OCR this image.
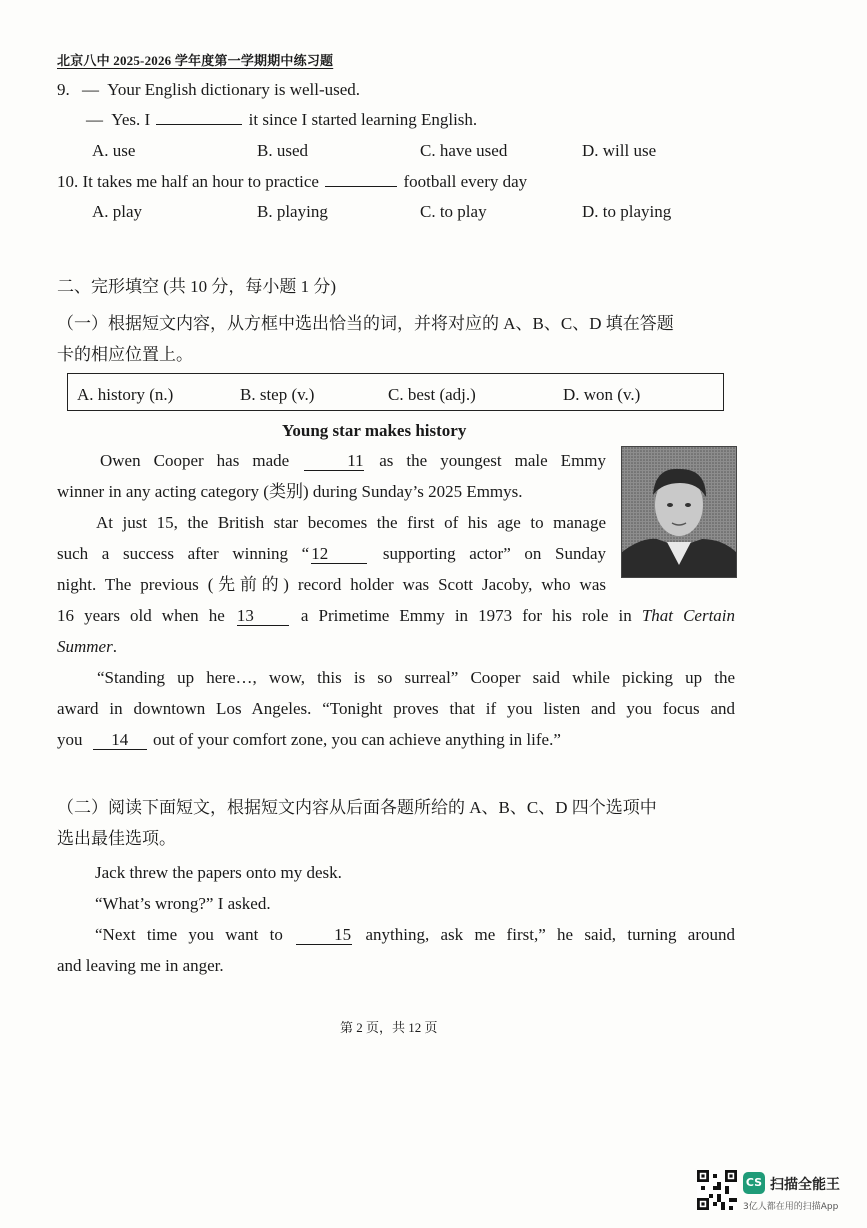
北京八中 2025-2026 学年度第一学期期中练习题
9. — Your English dictionary is well-used.
— Yes. I	it since I started learning English.
A. use	B. used	C. have used	D. will use
10. It takes me half an hour to practice	football every day
A. play	B. playing	C. to play	D. to playing
二、完形填空 (共 10 分，每小题 1 分)
（一）根据短文内容，从方框中选出恰当的词，并将对应的 A、B、C、D 填在答题
卡的相应位置上。
A. history (n.)	B. step (v.)	C. best (adj.)	D. won (v.)
Young star makes history
Owen Cooper has made	11 as the youngest male Emmy
winner in any acting category (类别) during Sunday’s 2025 Emmys.
At just 15, the British star becomes the first of his age to manage
such a success after winning “ 12	supporting actor” on Sunday
night. The previous (先前的) record holder was Scott Jacoby, who was
16 years old when he 13	a Primetime Emmy in 1973 for his role in That Certain
Summer.
“Standing up here…, wow, this is so surreal” Cooper said while picking up the
award in downtown Los Angeles. “Tonight proves that if you listen and you focus and
you 14 out of your comfort zone, you can achieve anything in life.”
（二）阅读下面短文，根据短文内容从后面各题所给的 A、B、C、D 四个选项中
选出最佳选项。
Jack threw the papers onto my desk.
“What’s wrong?” I asked.
“Next time you want to	15 anything, ask me first,” he said, turning around
and leaving me in anger.
第 2 页，共 12 页
CS 扫描全能王
3亿人都在用的扫描App
